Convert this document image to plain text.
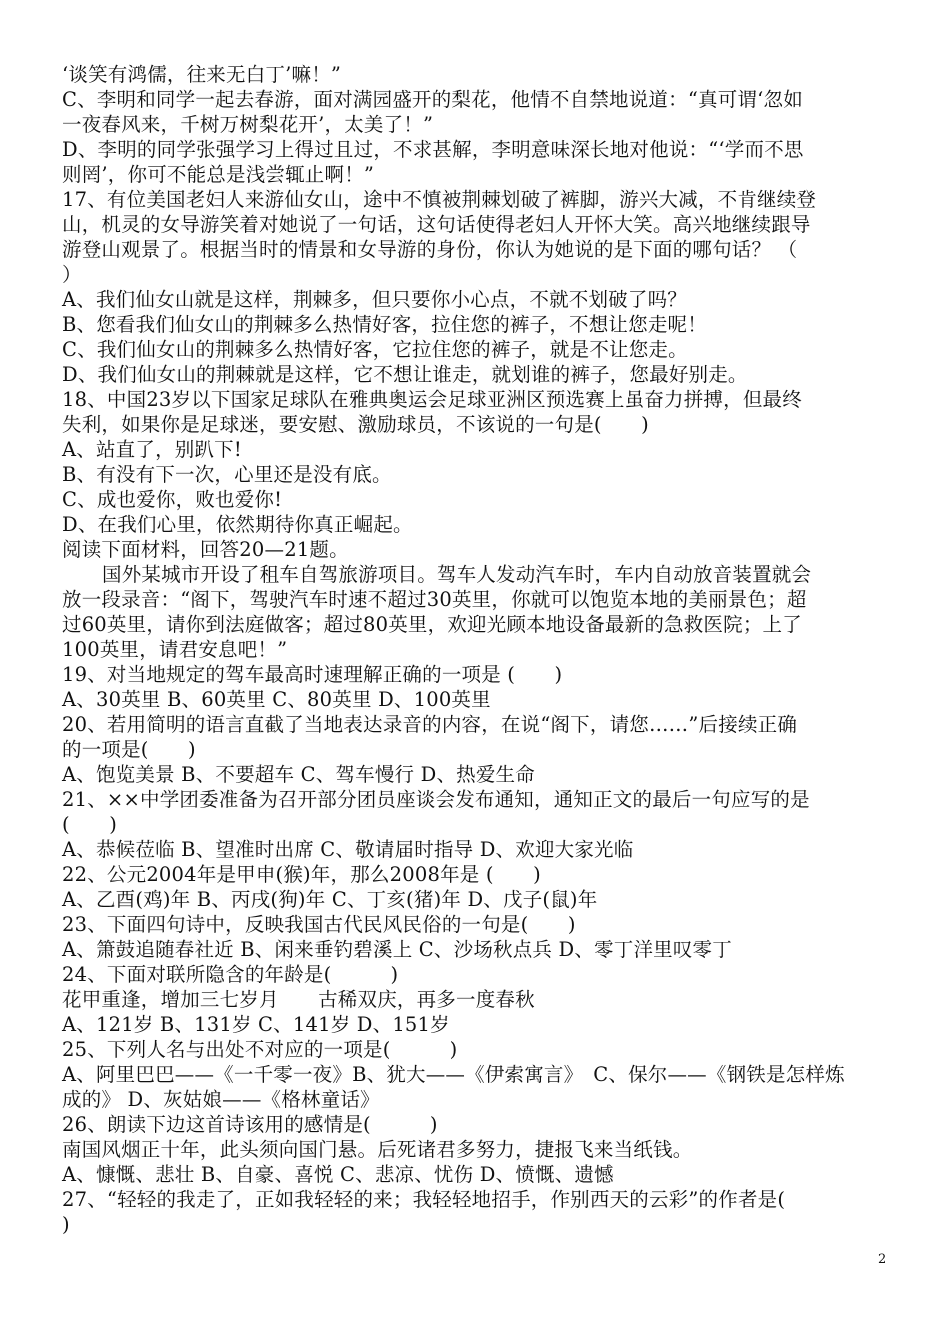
‘谈笑有鸿儒，往来无白丁’嘛！”
C、李明和同学一起去春游，面对满园盛开的梨花，他情不自禁地说道：“真可谓‘忽如
一夜春风来，千树万树梨花开’，太美了！”
D、李明的同学张强学习上得过且过，不求甚解，李明意味深长地对他说：“‘学而不思
则罔’，你可不能总是浅尝辄止啊！”
17、有位美国老妇人来游仙女山，途中不慎被荆棘划破了裤脚，游兴大减，不肯继续登
山，机灵的女导游笑着对她说了一句话，这句话使得老妇人开怀大笑。高兴地继续跟导
游登山观景了。根据当时的情景和女导游的身份，你认为她说的是下面的哪句话？ （
）
A、我们仙女山就是这样，荆棘多，但只要你小心点，不就不划破了吗？
B、您看我们仙女山的荆棘多么热情好客，拉住您的裤子，不想让您走呢！
C、我们仙女山的荆棘多么热情好客，它拉住您的裤子，就是不让您走。
D、我们仙女山的荆棘就是这样，它不想让谁走，就划谁的裤子，您最好别走。
18、中国23岁以下国家足球队在雅典奥运会足球亚洲区预选赛上虽奋力拼搏，但最终
失利，如果你是足球迷，要安慰、激励球员，不该说的一句是(　　)
A、站直了，别趴下!
B、有没有下一次，心里还是没有底。
C、成也爱你，败也爱你!
D、在我们心里，依然期待你真正崛起。
阅读下面材料，回答20—21题。
国外某城市开设了租车自驾旅游项目。驾车人发动汽车时，车内自动放音装置就会
放一段录音：“阁下，驾驶汽车时速不超过30英里，你就可以饱览本地的美丽景色；超
过60英里，请你到法庭做客；超过80英里，欢迎光顾本地设备最新的急救医院；上了
100英里，请君安息吧！”
19、对当地规定的驾车最高时速理解正确的一项是 (　　)
A、30英里 B、60英里 C、80英里 D、100英里
20、若用简明的语言直截了当地表达录音的内容，在说“阁下，请您……”后接续正确
的一项是(　　)
A、饱览美景 B、不要超车 C、驾车慢行 D、热爱生命
21、××中学团委准备为召开部分团员座谈会发布通知，通知正文的最后一句应写的是
(　　)
A、恭候莅临 B、望准时出席 C、敬请届时指导 D、欢迎大家光临
22、公元2004年是甲申(猴)年，那么2008年是 (　　)
A、乙酉(鸡)年 B、丙戌(狗)年 C、丁亥(猪)年 D、戊子(鼠)年
23、下面四句诗中，反映我国古代民风民俗的一句是(　　)
A、箫鼓追随春社近 B、闲来垂钓碧溪上 C、沙场秋点兵 D、零丁洋里叹零丁
24、下面对联所隐含的年龄是(　　　)
花甲重逢，增加三七岁月　　古稀双庆，再多一度春秋
A、121岁 B、131岁 C、141岁 D、151岁
25、下列人名与出处不对应的一项是(　　　)
A、阿里巴巴——《一千零一夜》B、犹大——《伊索寓言》　C、保尔——《钢铁是怎样炼
成的》 D、灰姑娘——《格林童话》
26、朗读下边这首诗该用的感情是(　　　)
南国风烟正十年，此头须向国门悬。后死诸君多努力，捷报飞来当纸钱。
A、慷慨、悲壮 B、自豪、喜悦 C、悲凉、忧伤 D、愤慨、遗憾
27、“轻轻的我走了，正如我轻轻的来；我轻轻地招手，作别西天的云彩”的作者是(
)
2
